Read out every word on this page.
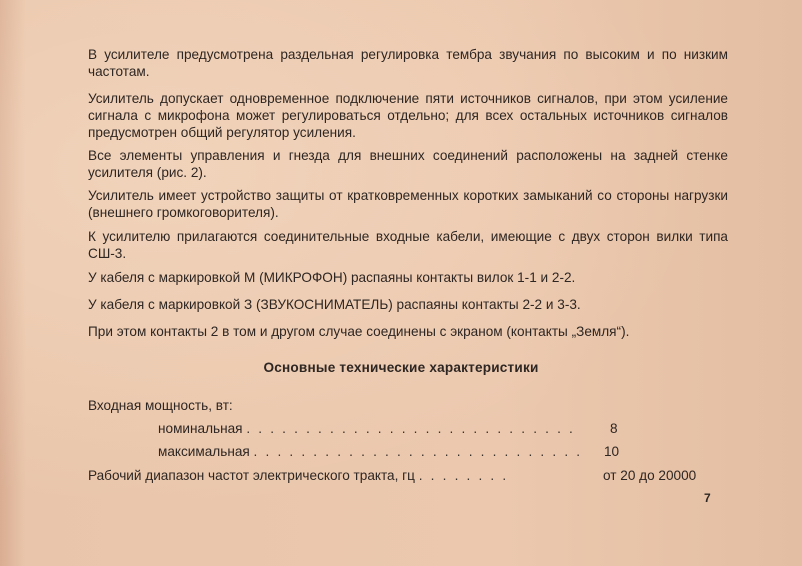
В усилителе предусмотрена раздельная регулировка тембра звучания по высоким и по низким частотам.

Усилитель допускает одновременное подключение пяти источников сигналов, при этом усиление сигнала с микрофона может регулироваться отдельно; для всех остальных источников сигналов предусмотрен общий регулятор усиления.

Все элементы управления и гнезда для внешних соединений расположены на задней стенке усилителя (рис. 2).

Усилитель имеет устройство защиты от кратковременных коротких замыканий со стороны нагрузки (внешнего громкоговорителя).

К усилителю прилагаются соединительные входные кабели, имеющие с двух сторон вилки типа СШ-3.

У кабеля с маркировкой М (МИКРОФОН) распаяны контакты вилок 1-1 и 2-2.

У кабеля с маркировкой З (ЗВУКОСНИМАТЕЛЬ) распаяны контакты 2-2 и 3-3.

При этом контакты 2 в том и другом случае соединены с экраном (контакты „Земля“).

Основные технические характеристики
Входная мощность, вт:
номинальная . . . . . . . . . . . . . . . . . . . . . . . . . . . .	8
максимальная . . . . . . . . . . . . . . . . . . . . . . . . . . . . 10
Рабочий диапазон частот электрического тракта, гц . . . . . . . .	от 20 до 20000
7
